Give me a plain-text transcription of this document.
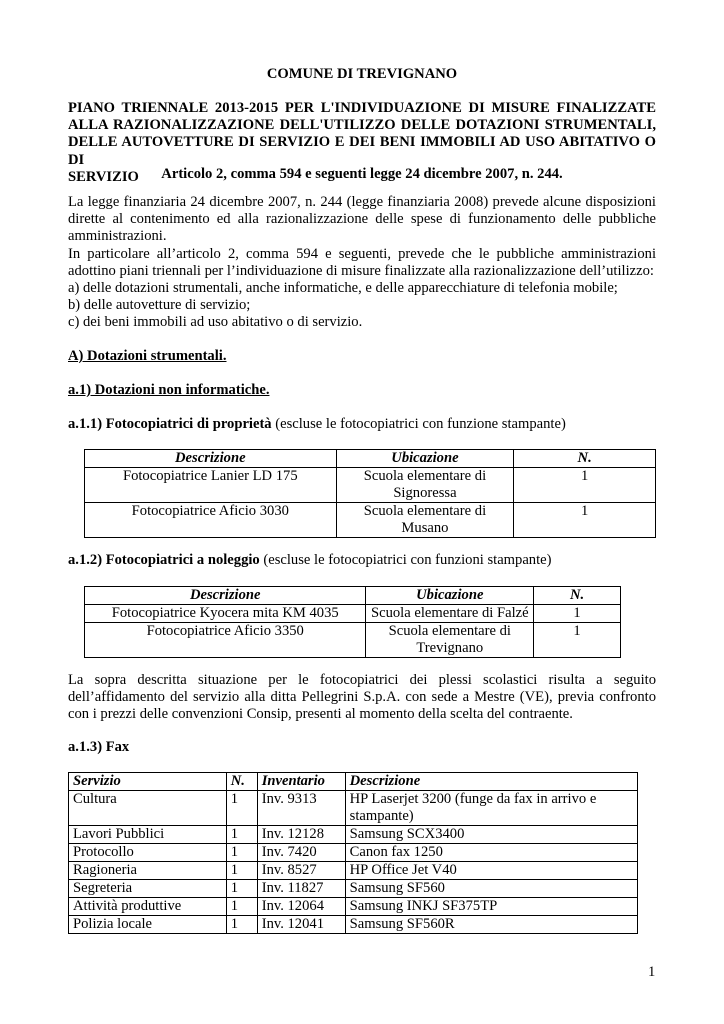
COMUNE DI TREVIGNANO

PIANO TRIENNALE 2013-2015 PER L'INDIVIDUAZIONE DI MISURE FINALIZZATE

ALLA RAZIONALIZZAZIONE DELL'UTILIZZO DELLE DOTAZIONI STRUMENTALI,

DELLE AUTOVETTURE DI SERVIZIO E DEI BENI IMMOBILI AD USO ABITATIVO O DI

SERVIZIO	Articolo 2, comma 594 e seguenti legge 24 dicembre 2007, n. 244.

La legge finanziaria 24 dicembre 2007, n. 244 (legge finanziaria 2008) prevede alcune disposizioni

dirette al contenimento ed alla razionalizzazione delle spese di funzionamento delle pubbliche

amministrazioni.

In particolare all’articolo 2, comma 594 e seguenti, prevede che le pubbliche amministrazioni

adottino piani triennali per l’individuazione di misure finalizzate alla razionalizzazione dell’utilizzo:

a) delle dotazioni strumentali, anche informatiche, e delle apparecchiature di telefonia mobile;

b) delle autovetture di servizio;

c) dei beni immobili ad uso abitativo o di servizio.

A) Dotazioni strumentali.

a.1) Dotazioni non informatiche.

a.1.1) Fotocopiatrici di proprietà (escluse le fotocopiatrici con funzione stampante)

Descrizione	Ubicazione	N.
Fotocopiatrice Lanier LD 175	Scuola elementare di Signoressa	1
Fotocopiatrice Aficio 3030	Scuola elementare di Musano	1

a.1.2) Fotocopiatrici a noleggio (escluse le fotocopiatrici con funzioni stampante)

Descrizione	Ubicazione	N.
Fotocopiatrice Kyocera mita KM 4035	Scuola elementare di Falzé	1
Fotocopiatrice Aficio 3350	Scuola elementare di Trevignano	1

La sopra descritta situazione per le fotocopiatrici dei plessi scolastici risulta a seguito

dell’affidamento del servizio alla ditta Pellegrini S.p.A. con sede a Mestre (VE), previa confronto

con i prezzi delle convenzioni Consip, presenti al momento della scelta del contraente.

a.1.3) Fax

Servizio	N.	Inventario	Descrizione
Cultura	1	Inv. 9313	HP Laserjet 3200 (funge da fax in arrivo e stampante)
Lavori Pubblici	1	Inv. 12128	Samsung SCX3400
Protocollo	1	Inv. 7420	Canon fax 1250
Ragioneria	1	Inv. 8527	HP Office Jet V40
Segreteria	1	Inv. 11827	Samsung SF560
Attività produttive	1	Inv. 12064	Samsung INKJ SF375TP
Polizia locale	1	Inv. 12041	Samsung SF560R

1
